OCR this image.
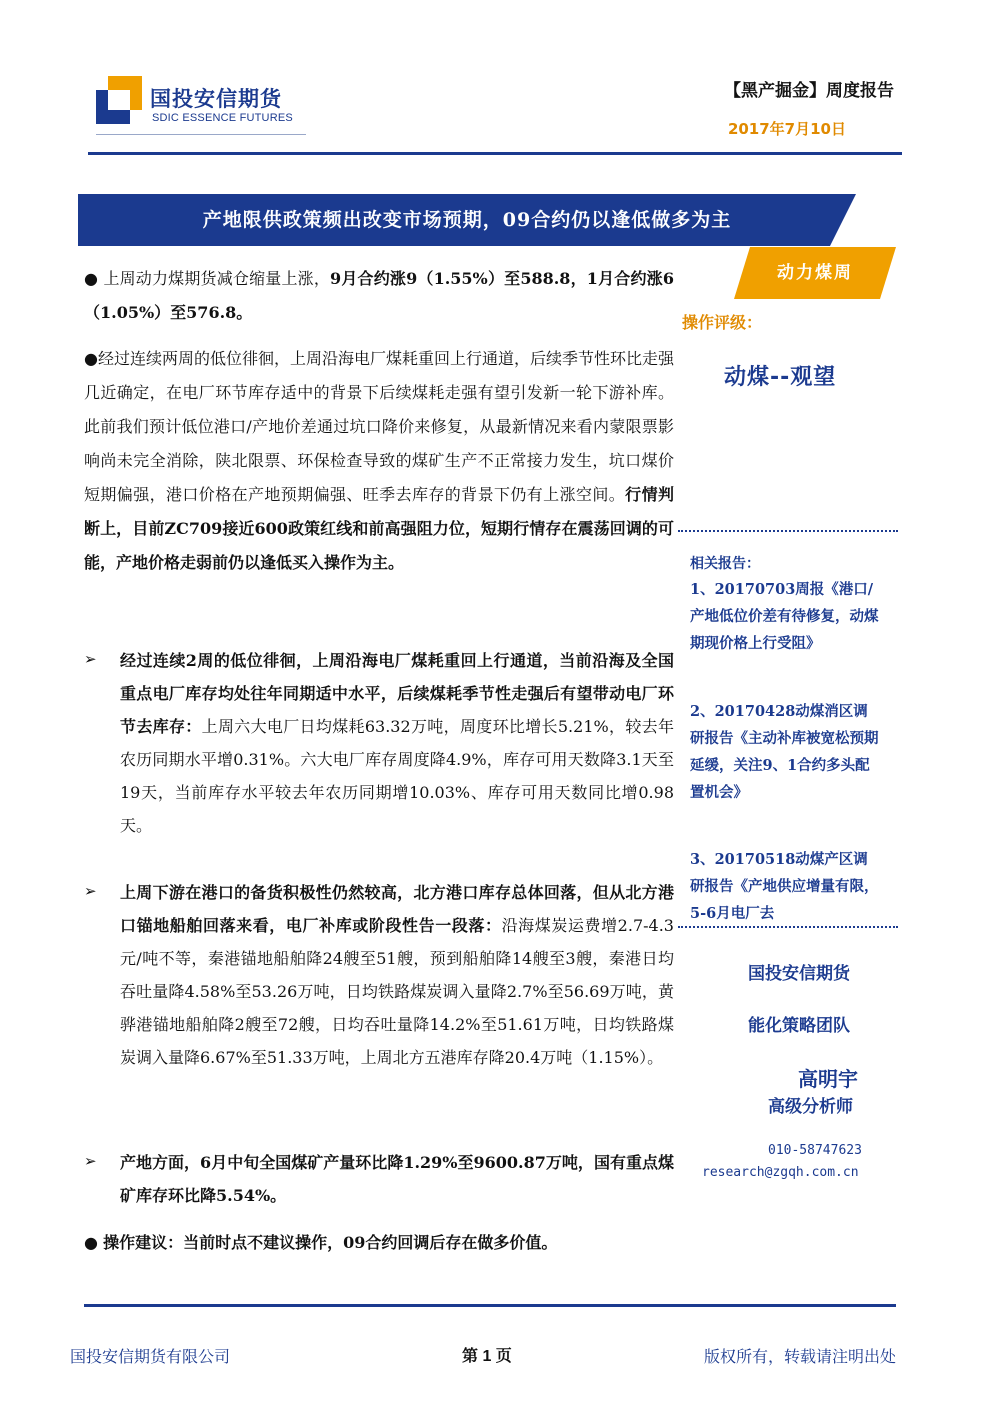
国投安信期货
SDIC ESSENCE FUTURES
【黑产掘金】周度报告
2017年7月10日
产地限供政策频出改变市场预期，09合约仍以逢低做多为主
动力煤周
● 上周动力煤期货减仓缩量上涨，9月合约涨9（1.55%）至588.8，1月合约涨6（1.05%）至576.8。
●经过连续两周的低位徘徊，上周沿海电厂煤耗重回上行通道，后续季节性环比走强几近确定，在电厂环节库存适中的背景下后续煤耗走强有望引发新一轮下游补库。此前我们预计低位港口/产地价差通过坑口降价来修复，从最新情况来看内蒙限票影响尚未完全消除，陕北限票、环保检查导致的煤矿生产不正常接力发生，坑口煤价短期偏强，港口价格在产地预期偏强、旺季去库存的背景下仍有上涨空间。行情判断上，目前ZC709接近600政策红线和前高强阻力位，短期行情存在震荡回调的可能，产地价格走弱前仍以逢低买入操作为主。
➢ 经过连续2周的低位徘徊，上周沿海电厂煤耗重回上行通道，当前沿海及全国重点电厂库存均处往年同期适中水平，后续煤耗季节性走强后有望带动电厂环节去库存：上周六大电厂日均煤耗63.32万吨，周度环比增长5.21%，较去年农历同期水平增0.31%。六大电厂库存周度降4.9%，库存可用天数降3.1天至19天，当前库存水平较去年农历同期增10.03%、库存可用天数同比增0.98天。
➢ 上周下游在港口的备货积极性仍然较高，北方港口库存总体回落，但从北方港口锚地船舶回落来看，电厂补库或阶段性告一段落：沿海煤炭运费增2.7-4.3元/吨不等，秦港锚地船舶降24艘至51艘，预到船舶降14艘至3艘，秦港日均吞吐量降4.58%至53.26万吨，日均铁路煤炭调入量降2.7%至56.69万吨，黄骅港锚地船舶降2艘至72艘，日均吞吐量降14.2%至51.61万吨，日均铁路煤炭调入量降6.67%至51.33万吨，上周北方五港库存降20.4万吨（1.15%）。
➢ 产地方面，6月中旬全国煤矿产量环比降1.29%至9600.87万吨，国有重点煤矿库存环比降5.54%。
● 操作建议：当前时点不建议操作，09合约回调后存在做多价值。
操作评级：
动煤--观望
相关报告：
1、20170703周报《港口/产地低位价差有待修复，动煤期现价格上行受阻》
2、20170428动煤消区调研报告《主动补库被宽松预期延缓，关注9、1合约多头配置机会》
3、20170518动煤产区调研报告《产地供应增量有限，5-6月电厂去
国投安信期货
能化策略团队
高明宇
高级分析师
010-58747623
research@zgqh.com.cn
国投安信期货有限公司	第 1 页	版权所有，转载请注明出处
